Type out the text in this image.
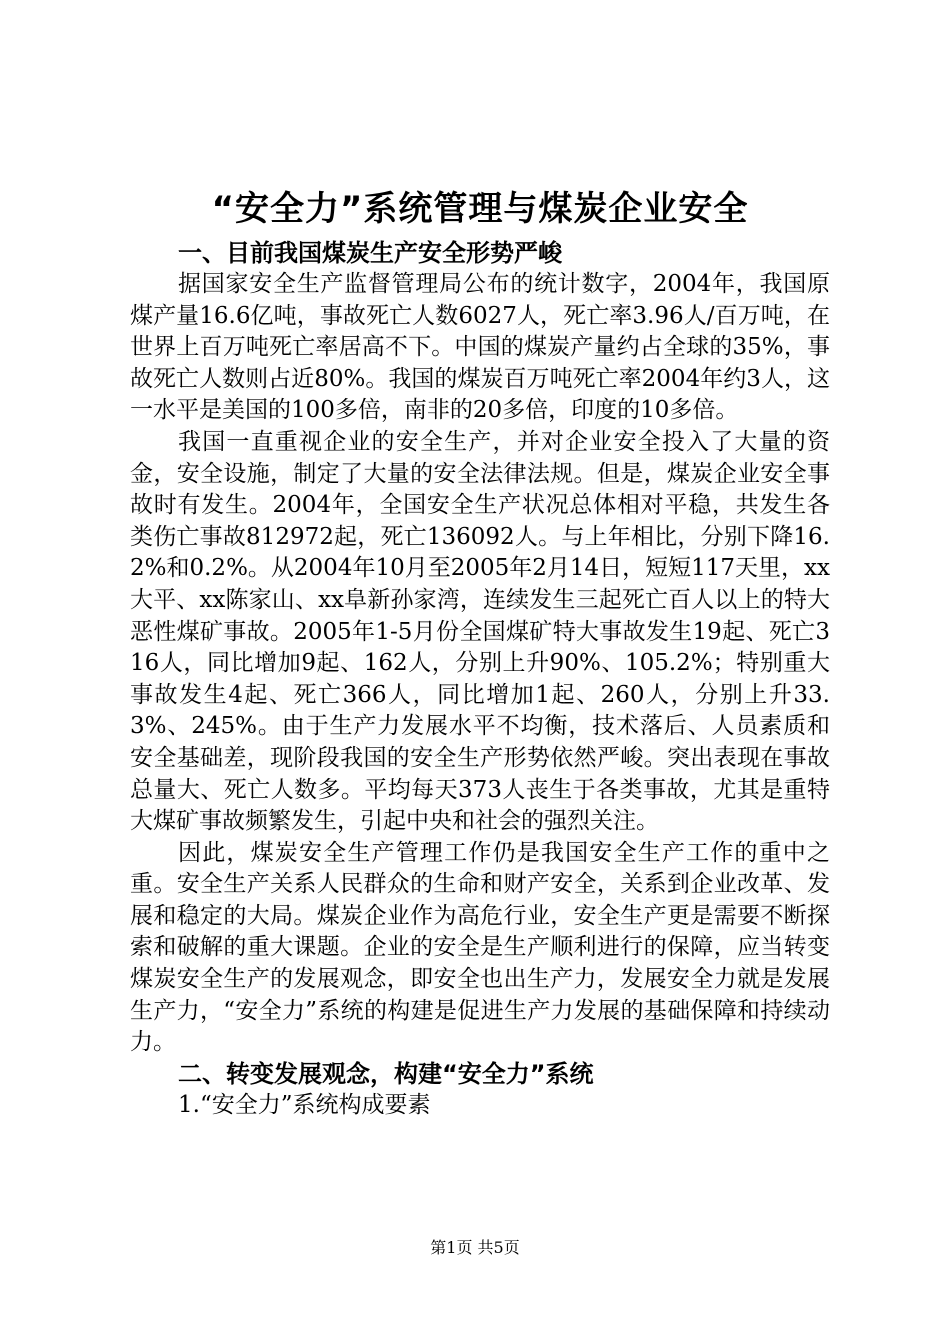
“安全力”系统管理与煤炭企业安全
一、目前我国煤炭生产安全形势严峻

据国家安全生产监督管理局公布的统计数字，2004年，我国原煤产量16.6亿吨，事故死亡人数6027人，死亡率3.96人/百万吨，在世界上百万吨死亡率居高不下。中国的煤炭产量约占全球的35%，事故死亡人数则占近80%。我国的煤炭百万吨死亡率2004年约3人，这一水平是美国的100多倍，南非的20多倍，印度的10多倍。

我国一直重视企业的安全生产，并对企业安全投入了大量的资金，安全设施，制定了大量的安全法律法规。但是，煤炭企业安全事故时有发生。2004年，全国安全生产状况总体相对平稳，共发生各类伤亡事故812972起，死亡136092人。与上年相比，分别下降16.2%和0.2%。从2004年10月至2005年2月14日，短短117天里，xx大平、xx陈家山、xx阜新孙家湾，连续发生三起死亡百人以上的特大恶性煤矿事故。2005年1-5月份全国煤矿特大事故发生19起、死亡316人，同比增加9起、162人，分别上升90%、105.2%；特别重大事故发生4起、死亡366人，同比增加1起、260人，分别上升33.3%、245%。由于生产力发展水平不均衡，技术落后、人员素质和安全基础差，现阶段我国的安全生产形势依然严峻。突出表现在事故总量大、死亡人数多。平均每天373人丧生于各类事故，尤其是重特大煤矿事故频繁发生，引起中央和社会的强烈关注。

因此，煤炭安全生产管理工作仍是我国安全生产工作的重中之重。安全生产关系人民群众的生命和财产安全，关系到企业改革、发展和稳定的大局。煤炭企业作为高危行业，安全生产更是需要不断探索和破解的重大课题。企业的安全是生产顺利进行的保障，应当转变煤炭安全生产的发展观念，即安全也出生产力，发展安全力就是发展生产力，“安全力”系统的构建是促进生产力发展的基础保障和持续动力。

二、转变发展观念，构建“安全力”系统

1.“安全力”系统构成要素

第1页 共5页
